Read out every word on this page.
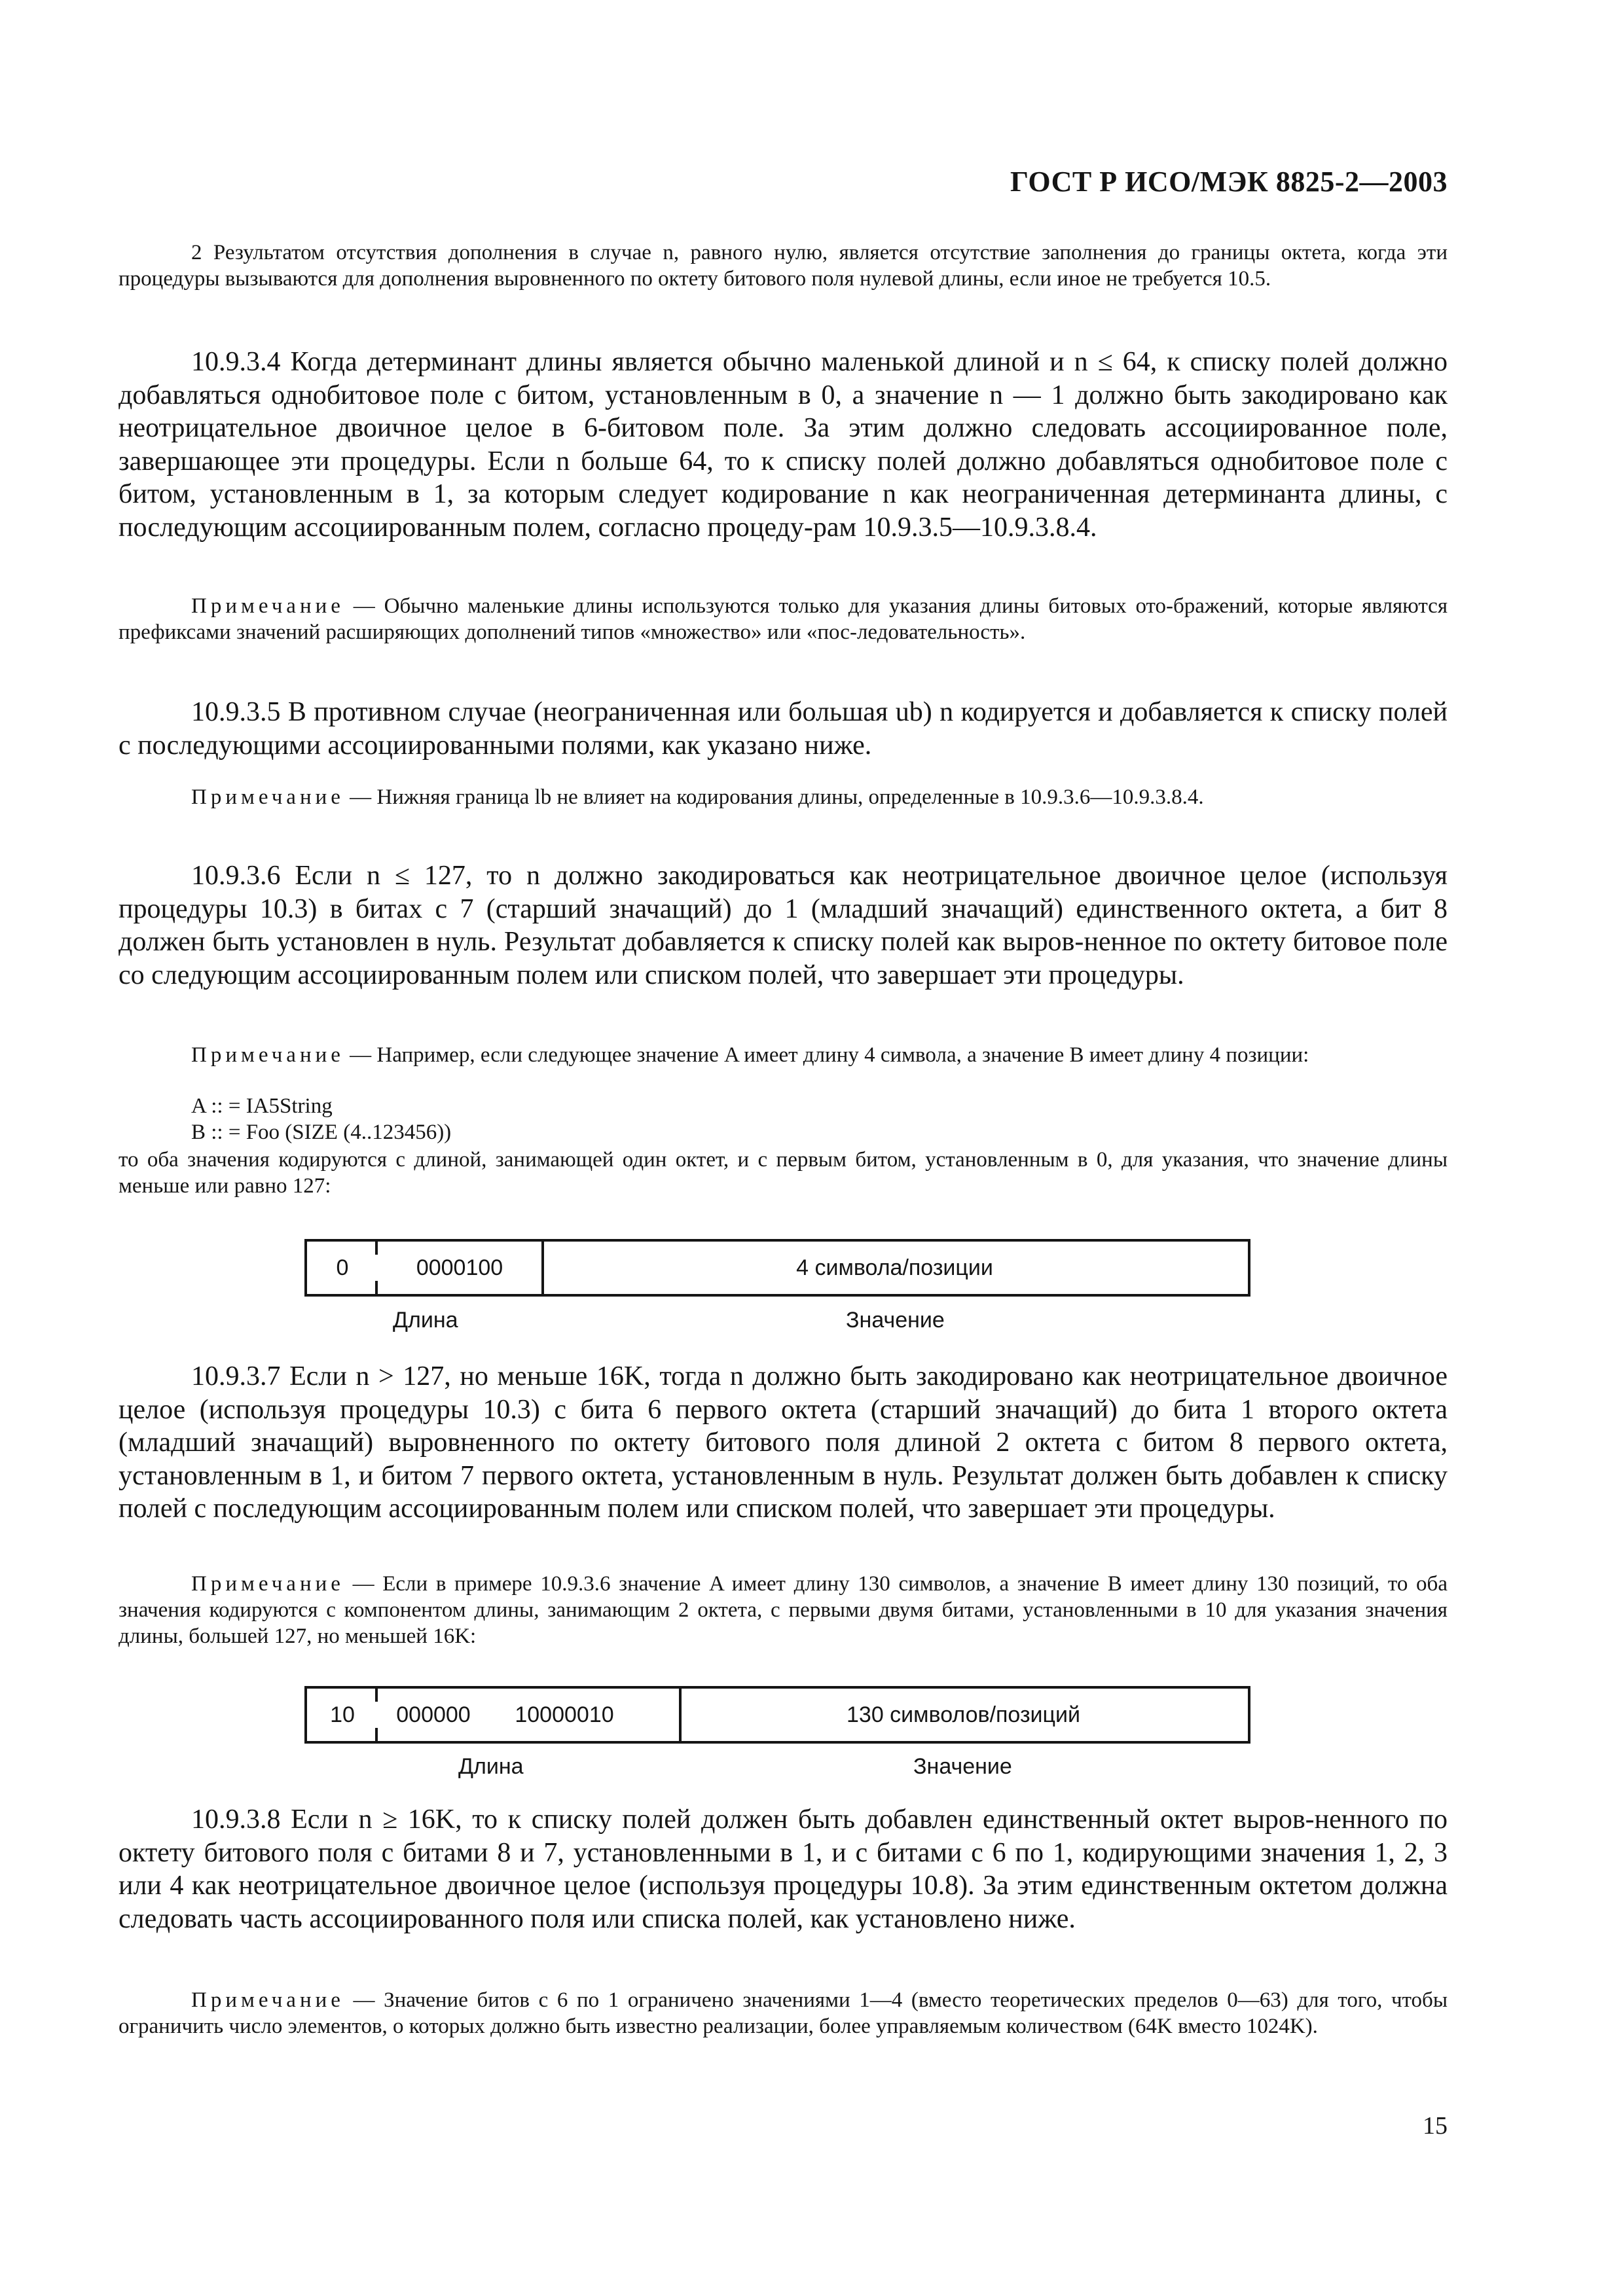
ГОСТ Р ИСО/МЭК 8825-2—2003
2 Результатом отсутствия дополнения в случае n, равного нулю, является отсутствие заполнения до границы октета, когда эти процедуры вызываются для дополнения выровненного по октету битового поля нулевой длины, если иное не требуется 10.5.
10.9.3.4 Когда детерминант длины является обычно маленькой длиной и n ≤ 64, к списку полей должно добавляться однобитовое поле с битом, установленным в 0, а значение n — 1 должно быть закодировано как неотрицательное двоичное целое в 6-битовом поле. За этим должно следовать ассоциированное поле, завершающее эти процедуры. Если n больше 64, то к списку полей должно добавляться однобитовое поле с битом, установленным в 1, за которым следует кодирование n как неограниченная детерминанта длины, с последующим ассоциированным полем, согласно процеду-рам 10.9.3.5—10.9.3.8.4.
Примечание — Обычно маленькие длины используются только для указания длины битовых ото-бражений, которые являются префиксами значений расширяющих дополнений типов «множество» или «пос-ледовательность».
10.9.3.5 В противном случае (неограниченная или большая ub) n кодируется и добавляется к списку полей с последующими ассоциированными полями, как указано ниже.
Примечание — Нижняя граница lb не влияет на кодирования длины, определенные в 10.9.3.6—10.9.3.8.4.
10.9.3.6 Если n ≤ 127, то n должно закодироваться как неотрицательное двоичное целое (используя процедуры 10.3) в битах с 7 (старший значащий) до 1 (младший значащий) единственного октета, а бит 8 должен быть установлен в нуль. Результат добавляется к списку полей как выров-ненное по октету битовое поле со следующим ассоциированным полем или списком полей, что завершает эти процедуры.
Примечание — Например, если следующее значение A имеет длину 4 символа, а значение B имеет длину 4 позиции:
A :: = IA5String
B :: = Foo (SIZE (4..123456))
то оба значения кодируются с длиной, занимающей один октет, и с первым битом, установленным в 0, для указания, что значение длины меньше или равно 127:
0	0000100	4 символа/позиции
Длина	Значение
10.9.3.7 Если n > 127, но меньше 16K, тогда n должно быть закодировано как неотрицательное двоичное целое (используя процедуры 10.3) с бита 6 первого октета (старший значащий) до бита 1 второго октета (младший значащий) выровненного по октету битового поля длиной 2 октета с битом 8 первого октета, установленным в 1, и битом 7 первого октета, установленным в нуль. Результат должен быть добавлен к списку полей с последующим ассоциированным полем или списком полей, что завершает эти процедуры.
Примечание — Если в примере 10.9.3.6 значение A имеет длину 130 символов, а значение B имеет длину 130 позиций, то оба значения кодируются с компонентом длины, занимающим 2 октета, с первыми двумя битами, установленными в 10 для указания значения длины, большей 127, но меньшей 16K:
10	000000	10000010	130 символов/позиций
Длина	Значение
10.9.3.8 Если n ≥ 16K, то к списку полей должен быть добавлен единственный октет выров-ненного по октету битового поля с битами 8 и 7, установленными в 1, и с битами с 6 по 1, кодирующими значения 1, 2, 3 или 4 как неотрицательное двоичное целое (используя процедуры 10.8). За этим единственным октетом должна следовать часть ассоциированного поля или списка полей, как установлено ниже.
Примечание — Значение битов с 6 по 1 ограничено значениями 1—4 (вместо теоретических пределов 0—63) для того, чтобы ограничить число элементов, о которых должно быть известно реализации, более управляемым количеством (64K вместо 1024K).
15
